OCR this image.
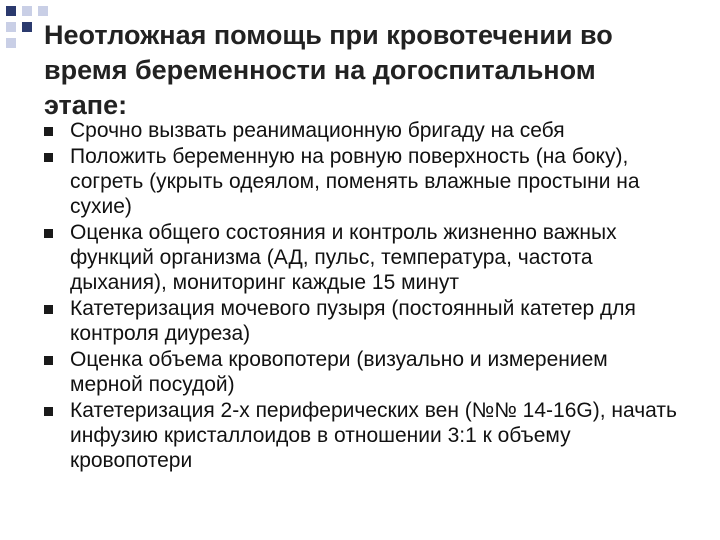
Неотложная помощь при кровотечении во время беременности на догоспитальном этапе:
Срочно вызвать реанимационную бригаду на себя
Положить беременную на ровную поверхность (на боку), согреть (укрыть одеялом, поменять влажные простыни на сухие)
Оценка общего состояния и контроль жизненно важных функций организма (АД, пульс, температура, частота дыхания), мониторинг каждые 15 минут
Катетеризация мочевого пузыря (постоянный катетер для контроля диуреза)
Оценка объема кровопотери (визуально и измерением мерной посудой)
Катетеризация 2-х периферических вен (№№ 14-16G), начать инфузию кристаллоидов в отношении 3:1 к объему кровопотери
